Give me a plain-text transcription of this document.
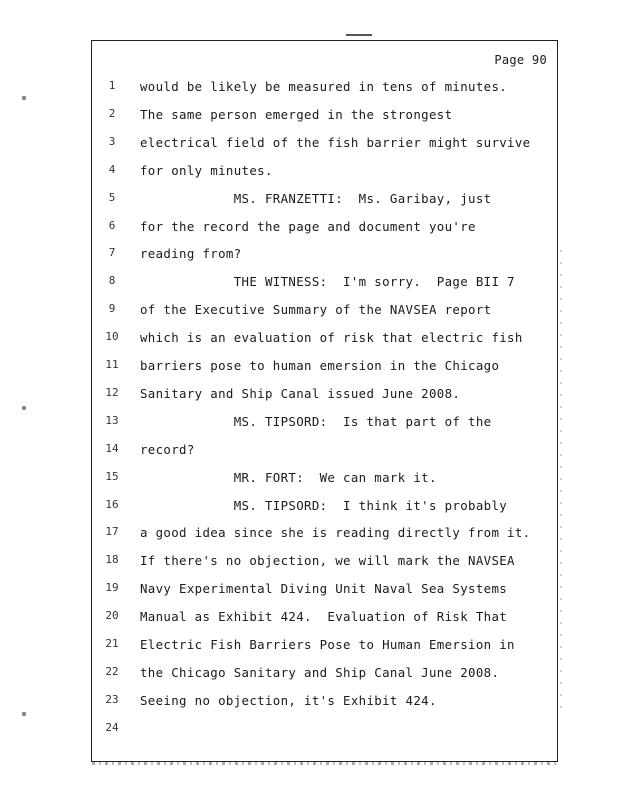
Page 90
1	would be likely be measured in tens of minutes.
2	The same person emerged in the strongest
3	electrical field of the fish barrier might survive
4	for only minutes.
5	MS. FRANZETTI:  Ms. Garibay, just
6	for the record the page and document you're
7	reading from?
8	THE WITNESS:  I'm sorry.  Page BII 7
9	of the Executive Summary of the NAVSEA report
10	which is an evaluation of risk that electric fish
11	barriers pose to human emersion in the Chicago
12	Sanitary and Ship Canal issued June 2008.
13	MS. TIPSORD:  Is that part of the
14	record?
15	MR. FORT:  We can mark it.
16	MS. TIPSORD:  I think it's probably
17	a good idea since she is reading directly from it.
18	If there's no objection, we will mark the NAVSEA
19	Navy Experimental Diving Unit Naval Sea Systems
20	Manual as Exhibit 424.  Evaluation of Risk That
21	Electric Fish Barriers Pose to Human Emersion in
22	the Chicago Sanitary and Ship Canal June 2008.
23	Seeing no objection, it's Exhibit 424.
24
